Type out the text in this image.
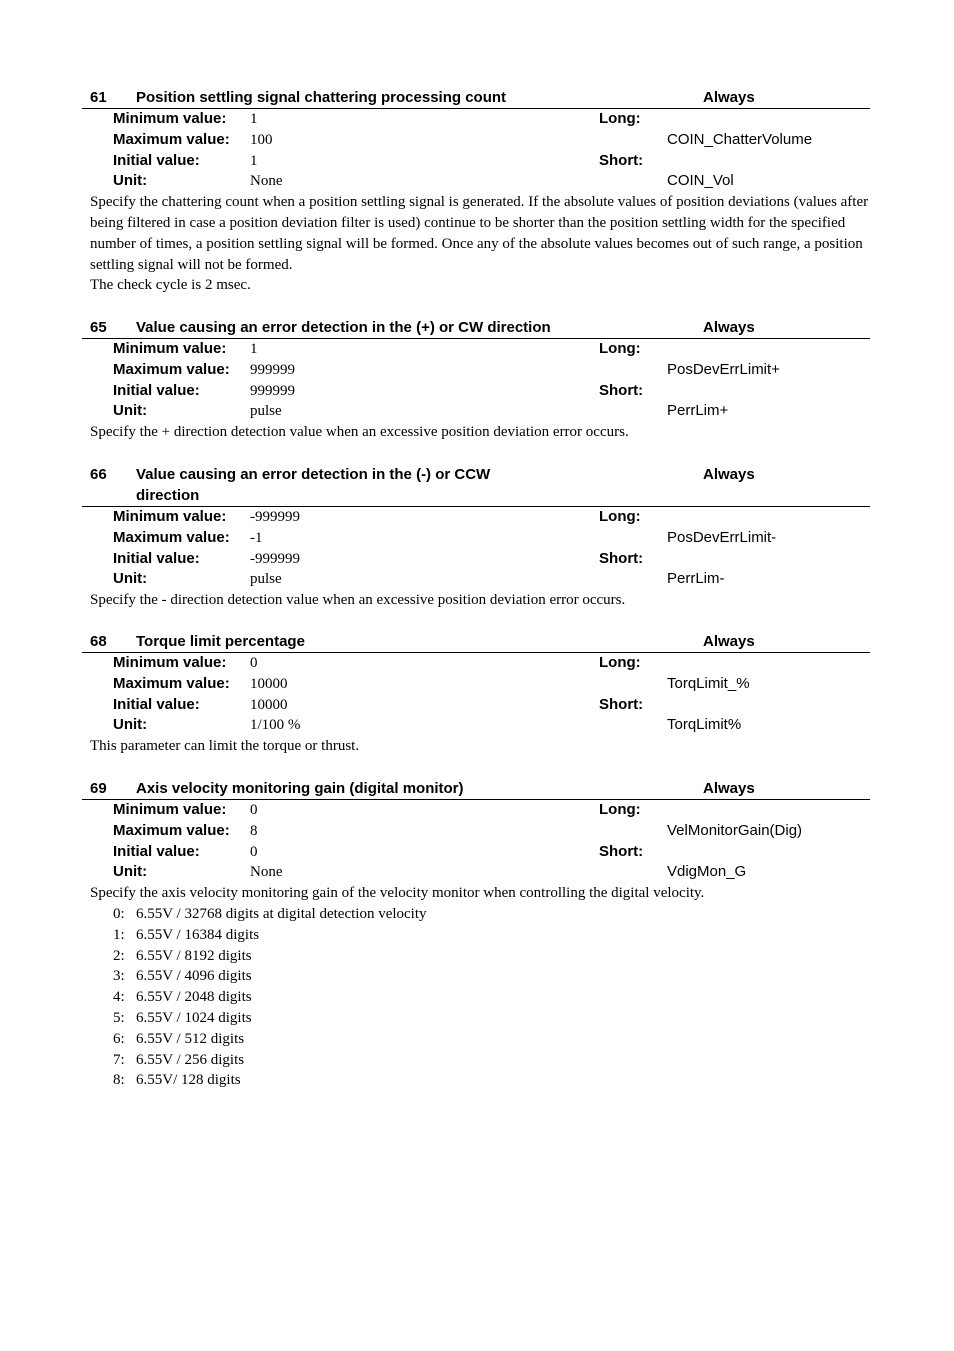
61 Position settling signal chattering processing count	Always
Minimum value: 1	Long:
Maximum value: 100	COIN_ChatterVolume
Initial value:	1	Short:
Unit:	None	COIN_Vol
Specify the chattering count when a position settling signal is generated. If the absolute values of position deviations (values after being filtered in case a position deviation filter is used) continue to be shorter than the position settling width for the specified number of times, a position settling signal will be formed. Once any of the absolute values becomes out of such range, a position settling signal will not be formed.
The check cycle is 2 msec.
65 Value causing an error detection in the (+) or CW direction	Always
Minimum value: 1	Long:
Maximum value: 999999	PosDevErrLimit+
Initial value:	999999	Short:
Unit:	pulse	PerrLim+
Specify the + direction detection value when an excessive position deviation error occurs.
66 Value causing an error detection in the (-) or CCW direction
Always
Minimum value: -999999	Long:
Maximum value: -1	PosDevErrLimit-
Initial value:	-999999	Short:
Unit:	pulse	PerrLim-
Specify the - direction detection value when an excessive position deviation error occurs.
68 Torque limit percentage	Always
Minimum value: 0	Long:
Maximum value: 10000	TorqLimit_%
Initial value:	10000	Short:
Unit:	1/100 %	TorqLimit%
This parameter can limit the torque or thrust.
69 Axis velocity monitoring gain (digital monitor)	Always
Minimum value: 0	Long:
Maximum value: 8	VelMonitorGain(Dig)
Initial value:	0	Short:
Unit:	None	VdigMon_G
Specify the axis velocity monitoring gain of the velocity monitor when controlling the digital velocity.
0: 6.55V / 32768 digits at digital detection velocity
1: 6.55V / 16384 digits
2: 6.55V / 8192 digits
3: 6.55V / 4096 digits
4: 6.55V / 2048 digits
5: 6.55V / 1024 digits
6: 6.55V / 512 digits
7: 6.55V / 256 digits
8: 6.55V/ 128 digits
